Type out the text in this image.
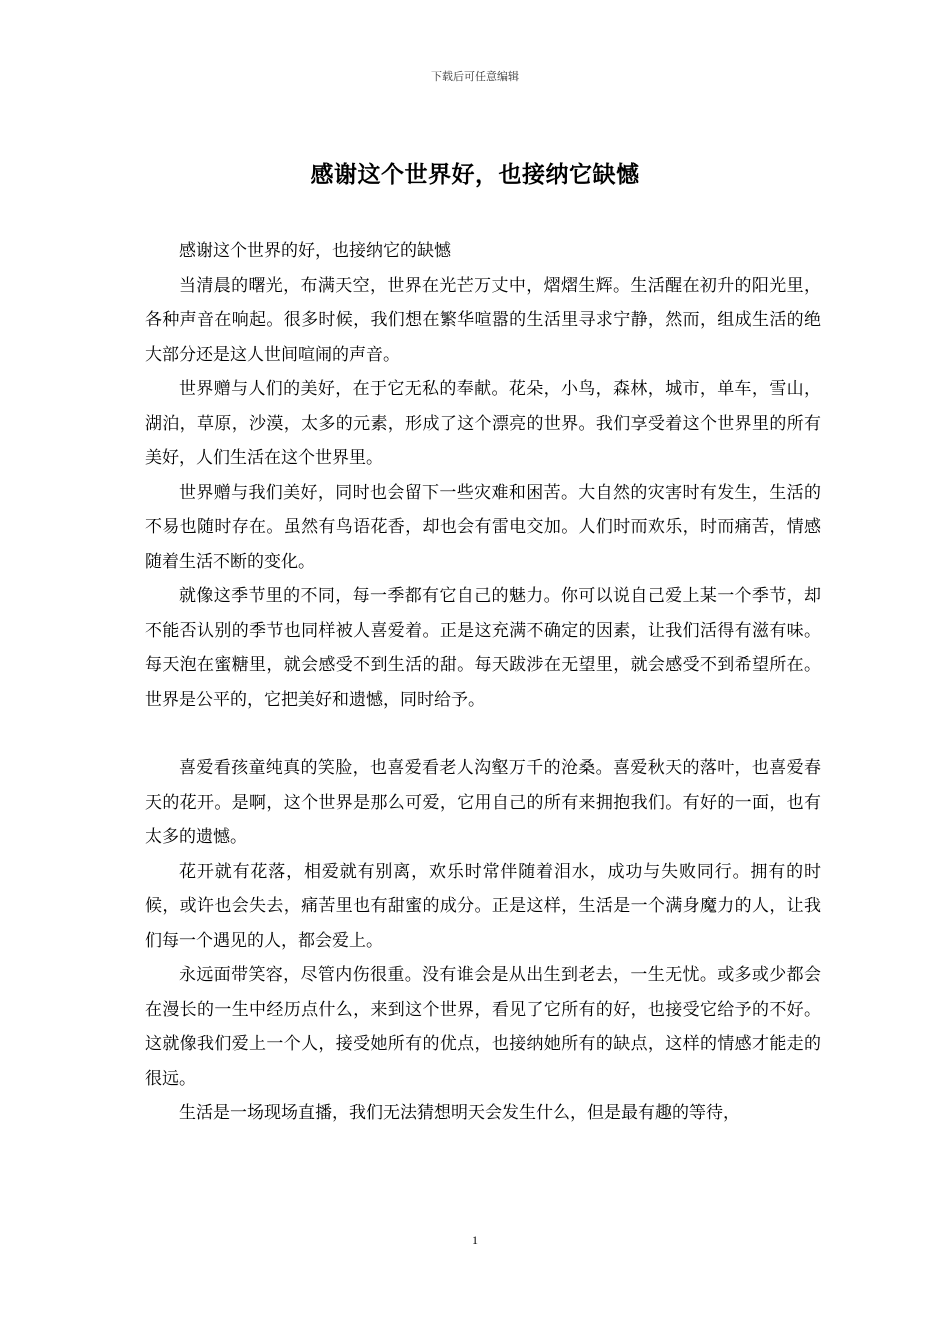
下载后可任意编辑
感谢这个世界好，也接纳它缺憾

感谢这个世界的好，也接纳它的缺憾

当清晨的曙光，布满天空，世界在光芒万丈中，熠熠生辉。生活醒在初升的阳光里，各种声音在响起。很多时候，我们想在繁华喧嚣的生活里寻求宁静，然而，组成生活的绝大部分还是这人世间喧闹的声音。

世界赠与人们的美好，在于它无私的奉献。花朵，小鸟，森林，城市，单车，雪山，湖泊，草原，沙漠，太多的元素，形成了这个漂亮的世界。我们享受着这个世界里的所有美好，人们生活在这个世界里。

世界赠与我们美好，同时也会留下一些灾难和困苦。大自然的灾害时有发生，生活的不易也随时存在。虽然有鸟语花香，却也会有雷电交加。人们时而欢乐，时而痛苦，情感随着生活不断的变化。

就像这季节里的不同，每一季都有它自己的魅力。你可以说自己爱上某一个季节，却不能否认别的季节也同样被人喜爱着。正是这充满不确定的因素，让我们活得有滋有味。每天泡在蜜糖里，就会感受不到生活的甜。每天跋涉在无望里，就会感受不到希望所在。世界是公平的，它把美好和遗憾，同时给予。

喜爱看孩童纯真的笑脸，也喜爱看老人沟壑万千的沧桑。喜爱秋天的落叶，也喜爱春天的花开。是啊，这个世界是那么可爱，它用自己的所有来拥抱我们。有好的一面，也有太多的遗憾。

花开就有花落，相爱就有别离，欢乐时常伴随着泪水，成功与失败同行。拥有的时候，或许也会失去，痛苦里也有甜蜜的成分。正是这样，生活是一个满身魔力的人，让我们每一个遇见的人，都会爱上。

永远面带笑容，尽管内伤很重。没有谁会是从出生到老去，一生无忧。或多或少都会在漫长的一生中经历点什么，来到这个世界，看见了它所有的好，也接受它给予的不好。这就像我们爱上一个人，接受她所有的优点，也接纳她所有的缺点，这样的情感才能走的很远。

生活是一场现场直播，我们无法猜想明天会发生什么，但是最有趣的等待，

1
